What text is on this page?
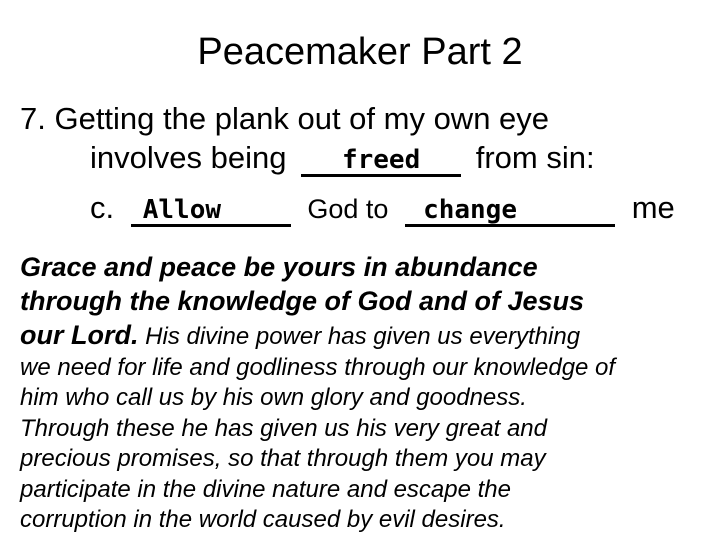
Peacemaker Part 2
7. Getting the plank out of my own eye
involves being freed from sin:
c. Allow	God to change	me
Grace and peace be yours in abundance
through the knowledge of God and of Jesus
our Lord. His divine power has given us everything
we need for life and godliness through our knowledge of
him who call us by his own glory and goodness.
Through these he has given us his very great and
precious promises, so that through them you may
participate in the divine nature and escape the
corruption in the world caused by evil desires.
